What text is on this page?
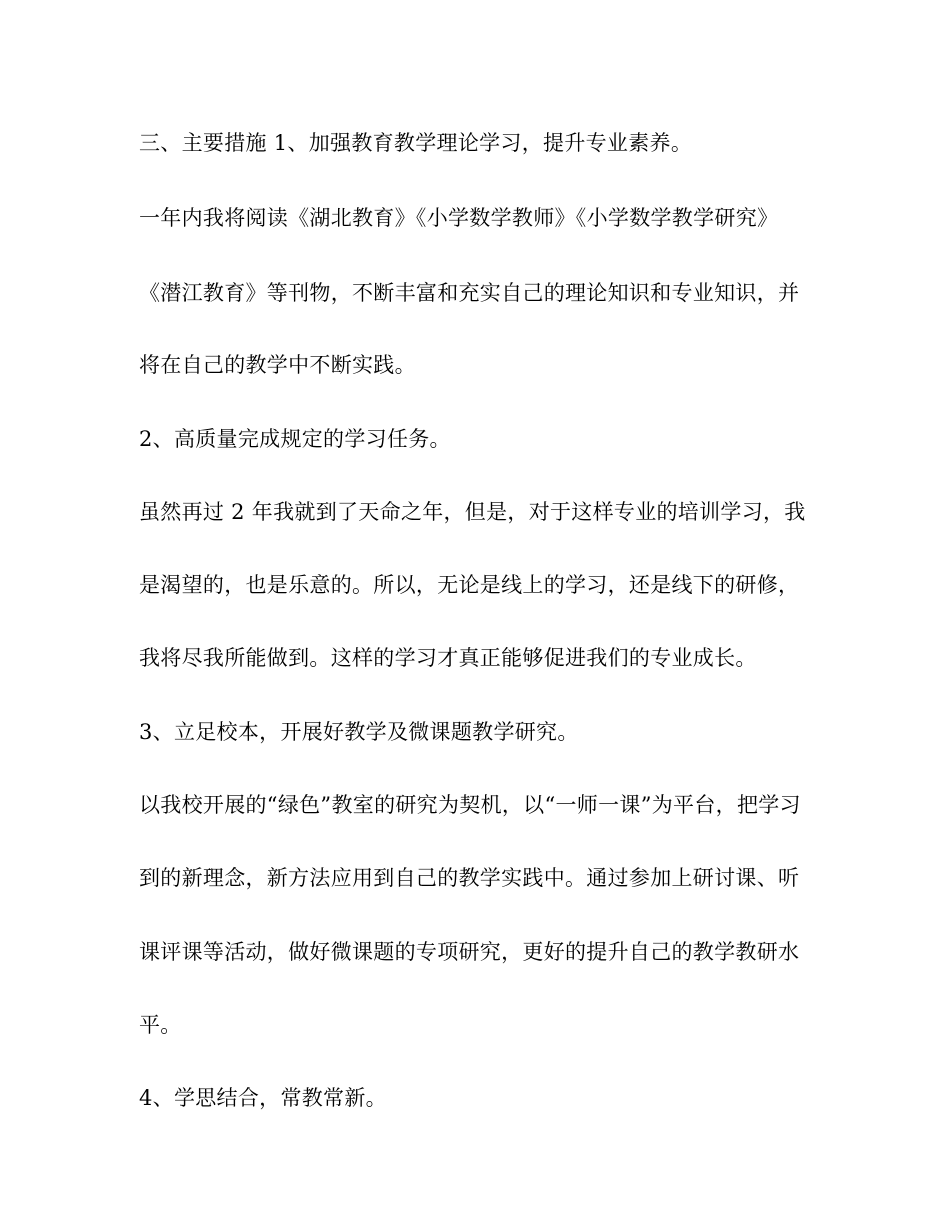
三、主要措施 1、加强教育教学理论学习，提升专业素养。
一年内我将阅读《湖北教育》《小学数学教师》《小学数学教学研究》
《潜江教育》等刊物，不断丰富和充实自己的理论知识和专业知识，并
将在自己的教学中不断实践。
2、高质量完成规定的学习任务。
虽然再过 2 年我就到了天命之年，但是，对于这样专业的培训学习，我
是渴望的，也是乐意的。所以，无论是线上的学习，还是线下的研修，
我将尽我所能做到。这样的学习才真正能够促进我们的专业成长。
3、立足校本，开展好教学及微课题教学研究。
以我校开展的“绿色”教室的研究为契机，以“一师一课”为平台，把学习
到的新理念，新方法应用到自己的教学实践中。通过参加上研讨课、听
课评课等活动，做好微课题的专项研究，更好的提升自己的教学教研水
平。
4、学思结合，常教常新。
